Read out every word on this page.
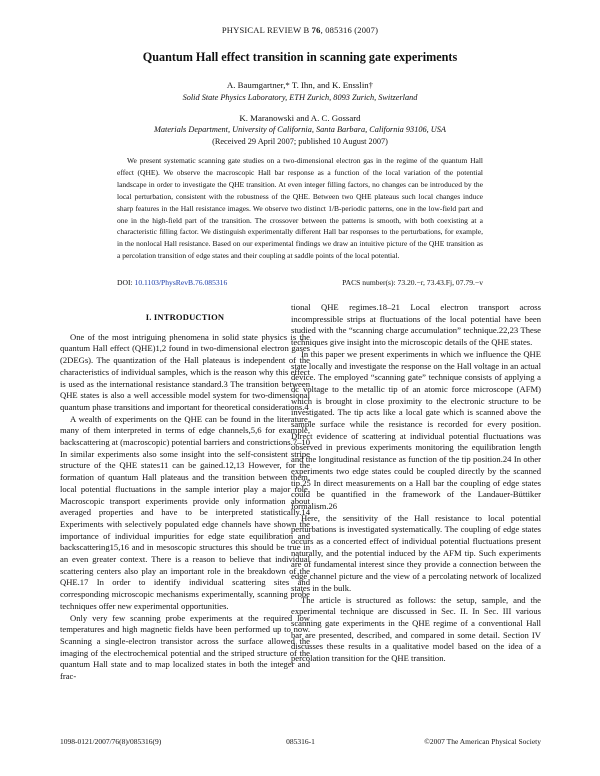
PHYSICAL REVIEW B 76, 085316 (2007)
Quantum Hall effect transition in scanning gate experiments
A. Baumgartner,* T. Ihn, and K. Ensslin†
Solid State Physics Laboratory, ETH Zurich, 8093 Zurich, Switzerland
K. Maranowski and A. C. Gossard
Materials Department, University of California, Santa Barbara, California 93106, USA
(Received 29 April 2007; published 10 August 2007)
We present systematic scanning gate studies on a two-dimensional electron gas in the regime of the quantum Hall effect (QHE). We observe the macroscopic Hall bar response as a function of the local variation of the potential landscape in order to investigate the QHE transition. At even integer filling factors, no changes can be introduced by the local perturbation, consistent with the robustness of the QHE. Between two QHE plateaus such local changes induce sharp features in the Hall resistance images. We observe two distinct 1/B-periodic patterns, one in the low-field part and one in the high-field part of the transition. The crossover between the patterns is smooth, with both coexisting at a characteristic filling factor. We distinguish experimentally different Hall bar responses to the perturbations, for example, in the nonlocal Hall resistance. Based on our experimental findings we draw an intuitive picture of the QHE transition as a percolation transition of edge states and their coupling at saddle points of the local potential.
DOI: 10.1103/PhysRevB.76.085316	PACS number(s): 73.20.−r, 73.43.Fj, 07.79.−v
I. INTRODUCTION

One of the most intriguing phenomena in solid state physics is the quantum Hall effect (QHE)1,2 found in two-dimensional electron gases (2DEGs). The quantization of the Hall plateaus is independent of the characteristics of individual samples, which is the reason why this effect is used as the international resistance standard.3 The transition between QHE states is also a well accessible model system for two-dimensional quantum phase transitions and important for theoretical considerations.4

A wealth of experiments on the QHE can be found in the literature, many of them interpreted in terms of edge channels,5,6 for example, backscattering at (macroscopic) potential barriers and constrictions.7–10 In similar experiments also some insight into the self-consistent stripe structure of the QHE states11 can be gained.12,13 However, for the formation of quantum Hall plateaus and the transition between them, local potential fluctuations in the sample interior play a major role. Macroscopic transport experiments provide only information about averaged properties and have to be interpreted statistically.14 Experiments with selectively populated edge channels have shown the importance of individual impurities for edge state equilibration and backscattering15,16 and in mesoscopic structures this should be true in an even greater context. There is a reason to believe that individual scattering centers also play an important role in the breakdown of the QHE.17 In order to identify individual scattering sites and corresponding microscopic mechanisms experimentally, scanning probe techniques offer new experimental opportunities.

Only very few scanning probe experiments at the required low temperatures and high magnetic fields have been performed up to now. Scanning a single-electron transistor across the surface allowed the imaging of the electrochemical potential and the striped structure of the quantum Hall state and to map localized states in both the integer and frac-

tional QHE regimes.18–21 Local electron transport across incompressible strips at fluctuations of the local potential have been studied with the “scanning charge accumulation” technique.22,23 These techniques give insight into the microscopic details of the QHE states.

In this paper we present experiments in which we influence the QHE state locally and investigate the response on the Hall voltage in an actual device. The employed “scanning gate” technique consists of applying a dc voltage to the metallic tip of an atomic force microscope (AFM) which is brought in close proximity to the electronic structure to be investigated. The tip acts like a local gate which is scanned above the sample surface while the resistance is recorded for every position. Direct evidence of scattering at individual potential fluctuations was observed in previous experiments monitoring the equilibration length and the longitudinal resistance as function of the tip position.24 In other experiments two edge states could be coupled directly by the scanned tip.25 In direct measurements on a Hall bar the coupling of edge states could be quantified in the framework of the Landauer-Büttiker formalism.26

Here, the sensitivity of the Hall resistance to local potential perturbations is investigated systematically. The coupling of edge states occurs as a concerted effect of individual potential fluctuations present naturally, and the potential induced by the AFM tip. Such experiments are of fundamental interest since they provide a connection between the edge channel picture and the view of a percolating network of localized states in the bulk.

The article is structured as follows: the setup, sample, and the experimental technique are discussed in Sec. II. In Sec. III various scanning gate experiments in the QHE regime of a conventional Hall bar are presented, described, and compared in some detail. Section IV discusses these results in a qualitative model based on the idea of a percolation transition for the QHE transition.

1098-0121/2007/76(8)/085316(9)	085316-1	©2007 The American Physical Society
